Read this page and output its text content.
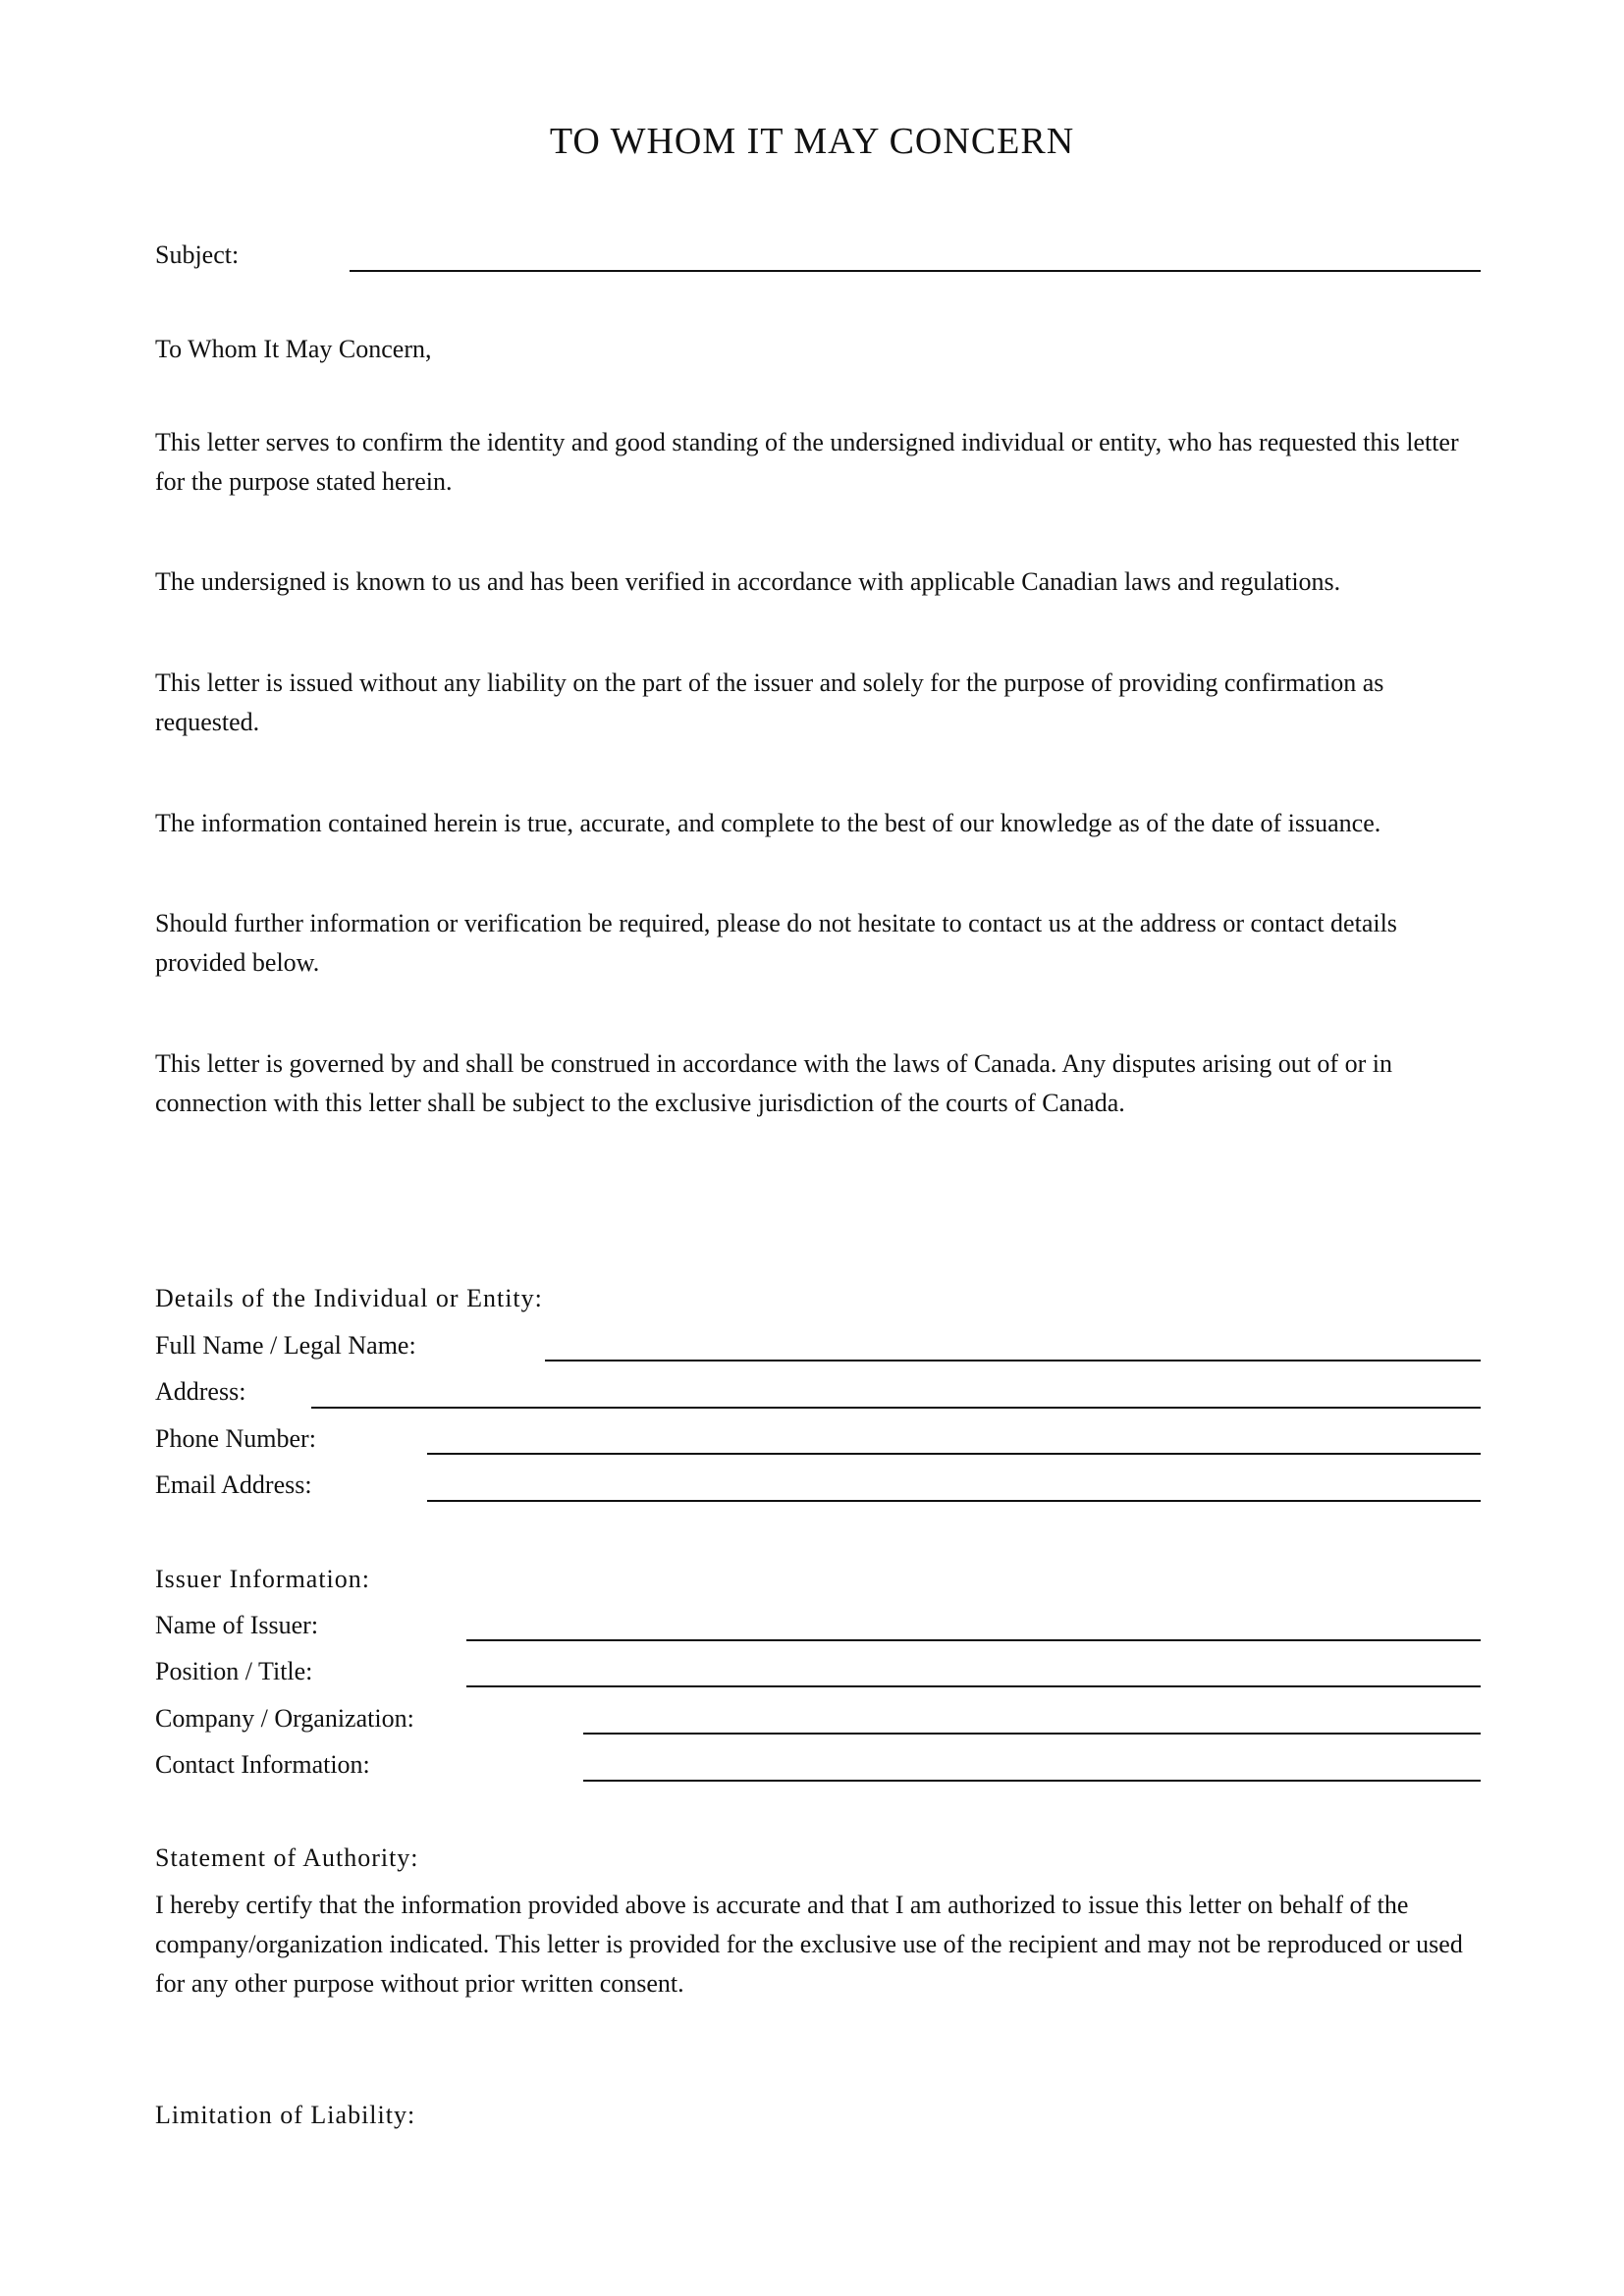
TO WHOM IT MAY CONCERN
Subject:
To Whom It May Concern,
This letter serves to confirm the identity and good standing of the undersigned individual or entity, who has requested this letter for the purpose stated herein.
The undersigned is known to us and has been verified in accordance with applicable Canadian laws and regulations.
This letter is issued without any liability on the part of the issuer and solely for the purpose of providing confirmation as requested.
The information contained herein is true, accurate, and complete to the best of our knowledge as of the date of issuance.
Should further information or verification be required, please do not hesitate to contact us at the address or contact details provided below.
This letter is governed by and shall be construed in accordance with the laws of Canada. Any disputes arising out of or in connection with this letter shall be subject to the exclusive jurisdiction of the courts of Canada.
Details of the Individual or Entity:
Full Name / Legal Name:
Address:
Phone Number:
Email Address:
Issuer Information:
Name of Issuer:
Position / Title:
Company / Organization:
Contact Information:
Statement of Authority:
I hereby certify that the information provided above is accurate and that I am authorized to issue this letter on behalf of the company/organization indicated. This letter is provided for the exclusive use of the recipient and may not be reproduced or used for any other purpose without prior written consent.
Limitation of Liability:
